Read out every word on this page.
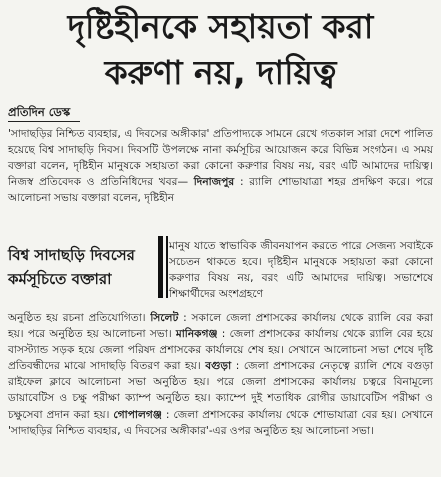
দৃষ্টিহীনকে সহায়তা করা
করুণা নয়, দায়িত্ব
প্রতিদিন ডেস্ক
'সাদাছড়ির নিশ্চিত ব্যবহার, এ দিবসের অঙ্গীকার' প্রতিপাদ্যকে সামনে রেখে গতকাল সারা দেশে পালিত হয়েছে বিশ্ব সাদাছড়ি দিবস। দিবসটি উপলক্ষে নানা কর্মসূচির আয়োজন করে বিভিন্ন সংগঠন। এ সময় বক্তারা বলেন, দৃষ্টিহীন মানুষকে সহায়তা করা কোনো করুণার বিষয় নয়, বরং এটি আমাদের দায়িত্ব। নিজস্ব প্রতিবেদক ও প্রতিনিধিদের খবর— দিনাজপুর : র‌্যালি শোভাযাত্রা শহর প্রদক্ষিণ করে। পরে আলোচনা সভায় বক্তারা বলেন, দৃষ্টিহীন
বিশ্ব সাদাছড়ি দিবসের
কর্মসূচিতে বক্তারা
মানুষ যাতে স্বাভাবিক জীবনযাপন করতে পারে সেজন্য সবাইকে সচেতন থাকতে হবে। দৃষ্টিহীন মানুষকে সহায়তা করা কোনো করুণার বিষয় নয়, বরং এটি আমাদের দায়িত্ব। সভাশেষে শিক্ষার্থীদের অংশগ্রহণে
অনুষ্ঠিত হয় রচনা প্রতিযোগিতা। সিলেট : সকালে জেলা প্রশাসকের কার্যালয় থেকে র‌্যালি বের করা হয়। পরে অনুষ্ঠিত হয় আলোচনা সভা। মানিকগঞ্জ : জেলা প্রশাসকের কার্যালয় থেকে র‌্যালি বের হয়ে বাসস্ট্যান্ড সড়ক হয়ে জেলা পরিষদ প্রশাসকের কার্যালয়ে শেষ হয়। সেখানে আলোচনা সভা শেষে দৃষ্টি প্রতিবন্ধীদের মাঝে সাদাছড়ি বিতরণ করা হয়। বগুড়া : জেলা প্রশাসকের নেতৃত্বে র‌্যালি শেষে বগুড়া রাইফেল ক্লাবে আলোচনা সভা অনুষ্ঠিত হয়। পরে জেলা প্রশাসকের কার্যালয় চত্বরে বিনামূল্যে ডায়াবেটিস ও চক্ষু পরীক্ষা ক্যাম্প অনুষ্ঠিত হয়। ক্যাম্পে দুই শতাধিক রোগীর ডায়াবেটিস পরীক্ষা ও চক্ষুসেবা প্রদান করা হয়। গোপালগঞ্জ : জেলা প্রশাসকের কার্যালয় থেকে শোভাযাত্রা বের হয়। সেখানে 'সাদাছড়ির নিশ্চিত ব্যবহার, এ দিবসের অঙ্গীকার'-এর ওপর অনুষ্ঠিত হয় আলোচনা সভা।
